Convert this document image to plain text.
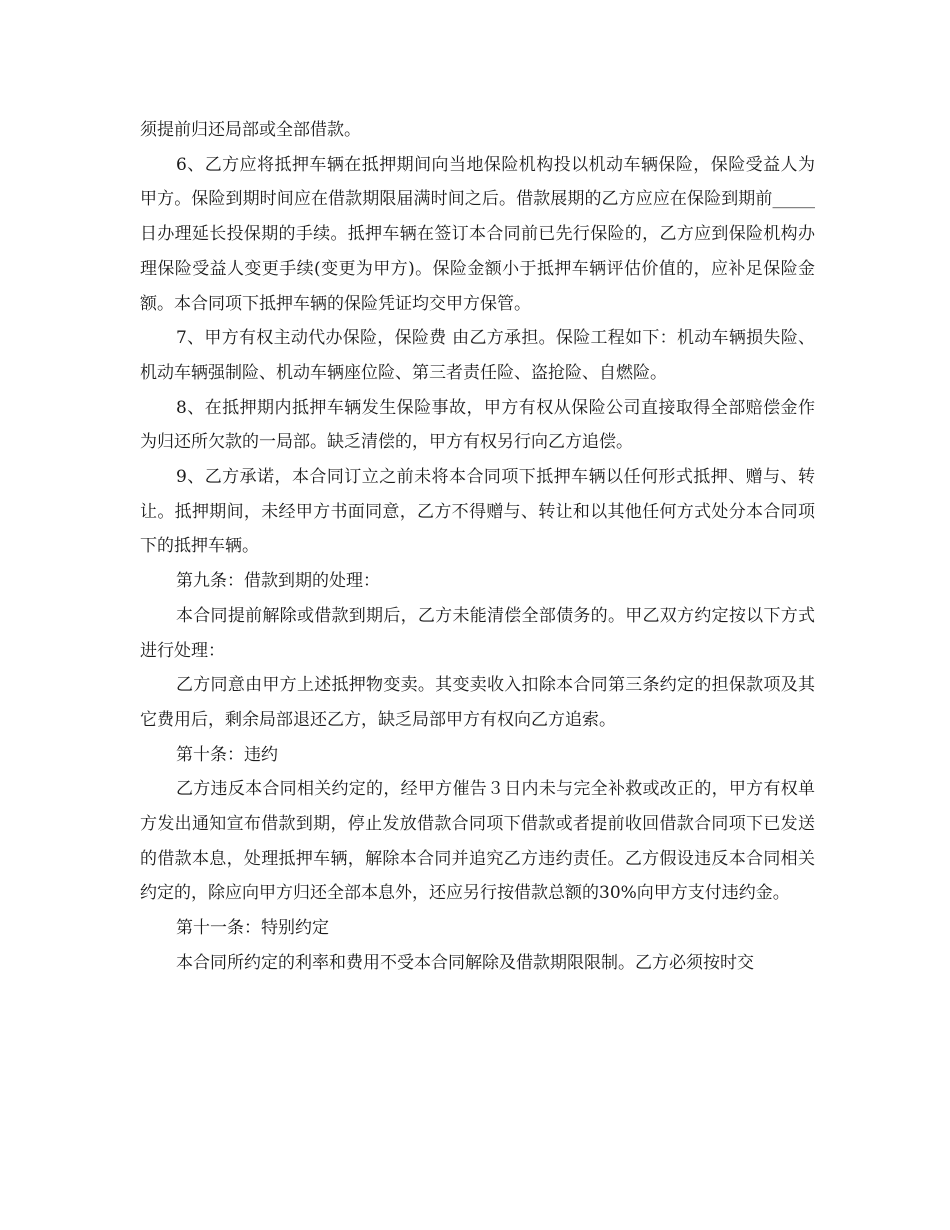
须提前归还局部或全部借款。

6、乙方应将抵押车辆在抵押期间向当地保险机构投以机动车辆保险，保险受益人为甲方。保险到期时间应在借款期限届满时间之后。借款展期的乙方应应在保险到期前_____日办理延长投保期的手续。抵押车辆在签订本合同前已先行保险的，乙方应到保险机构办理保险受益人变更手续(变更为甲方)。保险金额小于抵押车辆评估价值的，应补足保险金额。本合同项下抵押车辆的保险凭证均交甲方保管。

7、甲方有权主动代办保险，保险费 由乙方承担。保险工程如下：机动车辆损失险、机动车辆强制险、机动车辆座位险、第三者责任险、盗抢险、自燃险。

8、在抵押期内抵押车辆发生保险事故，甲方有权从保险公司直接取得全部赔偿金作为归还所欠款的一局部。缺乏清偿的，甲方有权另行向乙方追偿。

9、乙方承诺，本合同订立之前未将本合同项下抵押车辆以任何形式抵押、赠与、转让。抵押期间，未经甲方书面同意，乙方不得赠与、转让和以其他任何方式处分本合同项下的抵押车辆。

第九条：借款到期的处理：

本合同提前解除或借款到期后，乙方未能清偿全部债务的。甲乙双方约定按以下方式进行处理：

乙方同意由甲方上述抵押物变卖。其变卖收入扣除本合同第三条约定的担保款项及其它费用后，剩余局部退还乙方，缺乏局部甲方有权向乙方追索。

第十条：违约

乙方违反本合同相关约定的，经甲方催告３日内未与完全补救或改正的，甲方有权单方发出通知宣布借款到期，停止发放借款合同项下借款或者提前收回借款合同项下已发送的借款本息，处理抵押车辆，解除本合同并追究乙方违约责任。乙方假设违反本合同相关约定的，除应向甲方归还全部本息外，还应另行按借款总额的30%向甲方支付违约金。

第十一条：特别约定

本合同所约定的利率和费用不受本合同解除及借款期限限制。乙方必须按时交
